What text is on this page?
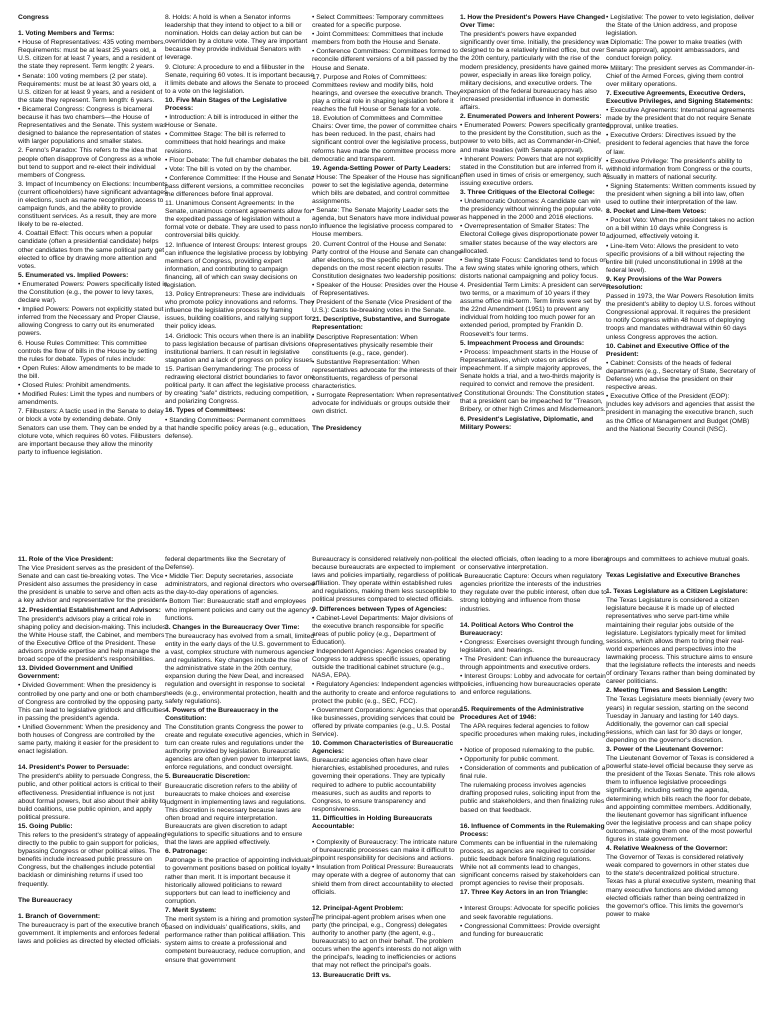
Congress
1. Voting Members and Terms:
• House of Representatives: 435 voting members. Requirements: must be at least 25 years old, a U.S. citizen for at least 7 years, and a resident of the state they represent. Term length: 2 years.
• Senate: 100 voting members (2 per state). Requirements: must be at least 30 years old, a U.S. citizen for at least 9 years, and a resident of the state they represent. Term length: 6 years.
• Bicameral Congress: Congress is bicameral because it has two chambers—the House of Representatives and the Senate. This system was designed to balance the representation of states with larger populations and smaller states.
2. Fenno's Paradox: This refers to the idea that people often disapprove of Congress as a whole but tend to support and re-elect their individual members of Congress.
3. Impact of Incumbency on Elections: Incumbents (current officeholders) have significant advantages in elections, such as name recognition, access to campaign funds, and the ability to provide constituent services. As a result, they are more likely to be re-elected.
4. Coattail Effect: This occurs when a popular candidate (often a presidential candidate) helps other candidates from the same political party get elected to office by drawing more attention and votes.
5. Enumerated vs. Implied Powers:
• Enumerated Powers: Powers specifically listed in the Constitution (e.g., the power to levy taxes, declare war).
• Implied Powers: Powers not explicitly stated but inferred from the Necessary and Proper Clause, allowing Congress to carry out its enumerated powers.
6. House Rules Committee: This committee controls the flow of bills in the House by setting the rules for debate. Types of rules include:
• Open Rules: Allow amendments to be made to the bill.
• Closed Rules: Prohibit amendments.
• Modified Rules: Limit the types and numbers of amendments.
7. Filibusters: A tactic used in the Senate to delay or block a vote by extending debate. Only Senators can use them. They can be ended by a cloture vote, which requires 60 votes. Filibusters are important because they allow the minority party to influence legislation.
8. Holds: A hold is when a Senator informs leadership that they intend to object to a bill or nomination. Holds can delay action but can be overridden by a cloture vote. They are important because they provide individual Senators with leverage.
9. Cloture: A procedure to end a filibuster in the Senate, requiring 60 votes. It is important because it limits debate and allows the Senate to proceed to a vote on the legislation.
10. Five Main Stages of the Legislative Process:
• Introduction: A bill is introduced in either the House or Senate.
• Committee Stage: The bill is referred to committees that hold hearings and make revisions.
• Floor Debate: The full chamber debates the bill.
• Vote: The bill is voted on by the chamber.
• Conference Committee: If the House and Senate pass different versions, a committee reconciles the differences before final approval.
11. Unanimous Consent Agreements: In the Senate, unanimous consent agreements allow for the expedited passage of legislation without a formal vote or debate. They are used to pass non-controversial bills quickly.
12. Influence of Interest Groups: Interest groups can influence the legislative process by lobbying members of Congress, providing expert information, and contributing to campaign financing, all of which can sway decisions on legislation.
13. Policy Entrepreneurs: These are individuals who promote policy innovations and reforms. They influence the legislative process by framing issues, building coalitions, and rallying support for their policy ideas.
14. Gridlock: This occurs when there is an inability to pass legislation because of partisan divisions or institutional barriers. It can result in legislative stagnation and a lack of progress on policy issues.
15. Partisan Gerrymandering: The process of redrawing electoral district boundaries to favor one political party. It can affect the legislative process by creating "safe" districts, reducing competition, and polarizing Congress.
16. Types of Committees:
• Standing Committees: Permanent committees that handle specific policy areas (e.g., education, defense).
• Select Committees: Temporary committees created for a specific purpose.
• Joint Committees: Committees that include members from both the House and Senate.
• Conference Committees: Committees formed to reconcile different versions of a bill passed by the House and Senate.
17. Purpose and Roles of Committees: Committees review and modify bills, hold hearings, and oversee the executive branch. They play a critical role in shaping legislation before it reaches the full House or Senate for a vote.
18. Evolution of Committees and Committee Chairs: Over time, the power of committee chairs has been reduced. In the past, chairs had significant control over the legislative process, but reforms have made the committee process more democratic and transparent.
19. Agenda-Setting Power of Party Leaders:
• House: The Speaker of the House has significant power to set the legislative agenda, determine which bills are debated, and control committee assignments.
• Senate: The Senate Majority Leader sets the agenda, but Senators have more individual power to influence the legislative process compared to House members.
20. Current Control of the House and Senate: Party control of the House and Senate can change after elections, so the specific party in power depends on the most recent election results. The Constitution designates two leadership positions:
• Speaker of the House: Presides over the House of Representatives.
• President of the Senate (Vice President of the U.S.): Casts tie-breaking votes in the Senate.
21. Descriptive, Substantive, and Surrogate Representation:
• Descriptive Representation: When representatives physically resemble their constituents (e.g., race, gender).
• Substantive Representation: When representatives advocate for the interests of their constituents, regardless of personal characteristics.
• Surrogate Representation: When representatives advocate for individuals or groups outside their own district.
The Presidency
1. How the President's Powers Have Changed Over Time:
The president's powers have expanded significantly over time. Initially, the presidency was designed to be a relatively limited office, but over the 20th century, particularly with the rise of the modern presidency, presidents have gained more power, especially in areas like foreign policy, military decisions, and executive orders. The expansion of the federal bureaucracy has also increased presidential influence in domestic affairs.
2. Enumerated Powers and Inherent Powers:
• Enumerated Powers: Powers specifically granted to the president by the Constitution, such as the power to veto bills, act as Commander-in-Chief, and make treaties (with Senate approval).
• Inherent Powers: Powers that are not explicitly stated in the Constitution but are inferred from it, often used in times of crisis or emergency, such as issuing executive orders.
3. Three Critiques of the Electoral College:
• Undemocratic Outcomes: A candidate can win the presidency without winning the popular vote, as happened in the 2000 and 2016 elections.
• Overrepresentation of Smaller States: The Electoral College gives disproportionate power to smaller states because of the way electors are allocated.
• Swing State Focus: Candidates tend to focus on a few swing states while ignoring others, which distorts national campaigning and policy focus.
4. Presidential Term Limits: A president can serve two terms, or a maximum of 10 years if they assume office mid-term. Term limits were set by the 22nd Amendment (1951) to prevent any individual from holding too much power for an extended period, prompted by Franklin D. Roosevelt's four terms.
5. Impeachment Process and Grounds:
• Process: Impeachment starts in the House of Representatives, which votes on articles of impeachment. If a simple majority approves, the Senate holds a trial, and a two-thirds majority is required to convict and remove the president.
• Constitutional Grounds: The Constitution states that a president can be impeached for "Treason, Bribery, or other high Crimes and Misdemeanors."
6. President's Legislative, Diplomatic, and Military Powers:
• Legislative: The power to veto legislation, deliver the State of the Union address, and propose legislation.
• Diplomatic: The power to make treaties (with Senate approval), appoint ambassadors, and conduct foreign policy.
• Military: The president serves as Commander-in-Chief of the Armed Forces, giving them control over military operations.
7. Executive Agreements, Executive Orders, Executive Privileges, and Signing Statements:
• Executive Agreements: International agreements made by the president that do not require Senate approval, unlike treaties.
• Executive Orders: Directives issued by the president to federal agencies that have the force of law.
• Executive Privilege: The president's ability to withhold information from Congress or the courts, usually in matters of national security.
• Signing Statements: Written comments issued by the president when signing a bill into law, often used to outline their interpretation of the law.
8. Pocket and Line-Item Vetoes:
• Pocket Veto: When the president takes no action on a bill within 10 days while Congress is adjourned, effectively vetoing it.
• Line-Item Veto: Allows the president to veto specific provisions of a bill without rejecting the entire bill (ruled unconstitutional in 1998 at the federal level).
9. Key Provisions of the War Powers Resolution:
Passed in 1973, the War Powers Resolution limits the president's ability to deploy U.S. forces without Congressional approval. It requires the president to notify Congress within 48 hours of deploying troops and mandates withdrawal within 60 days unless Congress approves the action.
10. Cabinet and Executive Office of the President:
• Cabinet: Consists of the heads of federal departments (e.g., Secretary of State, Secretary of Defense) who advise the president on their respective areas.
• Executive Office of the President (EOP): Includes key advisors and agencies that assist the president in managing the executive branch, such as the Office of Management and Budget (OMB) and the National Security Council (NSC).
11. Role of the Vice President:
The Vice President serves as the president of the Senate and can cast tie-breaking votes. The Vice President also assumes the presidency in case the president is unable to serve and often acts as a key advisor and representative for the president.
12. Presidential Establishment and Advisors:
The president's advisors play a critical role in shaping policy and decision-making. This includes the White House staff, the Cabinet, and members of the Executive Office of the President. These advisors provide expertise and help manage the broad scope of the president's responsibilities.
13. Divided Government and Unified Government:
• Divided Government: When the presidency is controlled by one party and one or both chambers of Congress are controlled by the opposing party. This can lead to legislative gridlock and difficulties in passing the president's agenda.
• Unified Government: When the presidency and both houses of Congress are controlled by the same party, making it easier for the president to enact legislation.
14. President's Power to Persuade:
The president's ability to persuade Congress, the public, and other political actors is critical to their effectiveness. Presidential influence is not just about formal powers, but also about their ability to build coalitions, use public opinion, and apply political pressure.
15. Going Public:
This refers to the president's strategy of appealing directly to the public to gain support for policies, bypassing Congress or other political elites. The benefits include increased public pressure on Congress, but the challenges include potential backlash or diminishing returns if used too frequently.
The Bureaucracy
1. Branch of Government:
The bureaucracy is part of the executive branch of government. It implements and enforces federal laws and policies as directed by elected officials.
federal departments like the Secretary of Defense).
• Middle Tier: Deputy secretaries, associate administrators, and regional directors who oversee the day-to-day operations of agencies.
• Bottom Tier: Bureaucratic staff and employees who implement policies and carry out the agency's functions.
3. Changes in the Bureaucracy Over Time:
The bureaucracy has evolved from a small, limited entity in the early days of the U.S. government to a vast, complex structure with numerous agencies and regulations. Key changes include the rise of the administrative state in the 20th century, expansion during the New Deal, and increased regulation and oversight in response to societal needs (e.g., environmental protection, health and safety regulations).
4. Powers of the Bureaucracy in the Constitution:
The Constitution grants Congress the power to create and regulate executive agencies, which in turn can create rules and regulations under the authority provided by legislation. Bureaucratic agencies are often given power to interpret laws, enforce regulations, and conduct oversight.
5. Bureaucratic Discretion:
Bureaucratic discretion refers to the ability of bureaucrats to make choices and exercise judgment in implementing laws and regulations. This discretion is necessary because laws are often broad and require interpretation. Bureaucrats are given discretion to adapt regulations to specific situations and to ensure that the laws are applied effectively.
6. Patronage:
Patronage is the practice of appointing individuals to government positions based on political loyalty rather than merit. It is important because it historically allowed politicians to reward supporters but can lead to inefficiency and corruption.
7. Merit System:
The merit system is a hiring and promotion system based on individuals' qualifications, skills, and performance rather than political affiliation. This system aims to create a professional and competent bureaucracy, reduce corruption, and ensure that government
Bureaucracy is considered relatively non-political because bureaucrats are expected to implement laws and policies impartially, regardless of political affiliation. They operate within established rules and regulations, making them less susceptible to political pressures compared to elected officials.
9. Differences between Types of Agencies:
• Cabinet-Level Departments: Major divisions of the executive branch responsible for specific areas of public policy (e.g., Department of Education).
• Independent Agencies: Agencies created by Congress to address specific issues, operating outside the traditional cabinet structure (e.g., NASA, EPA).
• Regulatory Agencies: Independent agencies with the authority to create and enforce regulations to protect the public (e.g., SEC, FCC).
• Government Corporations: Agencies that operate like businesses, providing services that could be offered by private companies (e.g., U.S. Postal Service).
10. Common Characteristics of Bureaucratic Agencies:
Bureaucratic agencies often have clear hierarchies, established procedures, and rules governing their operations. They are typically required to adhere to public accountability measures, such as audits and reports to Congress, to ensure transparency and responsiveness.
11. Difficulties in Holding Bureaucrats Accountable:
• Complexity of Bureaucracy: The intricate nature of bureaucratic processes can make it difficult to pinpoint responsibility for decisions and actions.
• Insulation from Political Pressure: Bureaucrats may operate with a degree of autonomy that can shield them from direct accountability to elected officials.
12. Principal-Agent Problem:
The principal-agent problem arises when one party (the principal, e.g., Congress) delegates authority to another party (the agent, e.g., bureaucrats) to act on their behalf. The problem occurs when the agent's interests do not align with the principal's, leading to inefficiencies or actions that may not reflect the principal's goals.
13. Bureaucratic Drift vs.
the elected officials, often leading to a more liberal or conservative interpretation.
• Bureaucratic Capture: Occurs when regulatory agencies prioritize the interests of the industries they regulate over the public interest, often due to strong lobbying and influence from those industries.
14. Political Actors Who Control the Bureaucracy:
• Congress: Exercises oversight through funding, legislation, and hearings.
• The President: Can influence the bureaucracy through appointments and executive orders.
• Interest Groups: Lobby and advocate for certain policies, influencing how bureaucracies operate and enforce regulations.
15. Requirements of the Administrative Procedures Act of 1946:
The APA requires federal agencies to follow specific procedures when making rules, including:
• Notice of proposed rulemaking to the public.
• Opportunity for public comment.
• Consideration of comments and publication of a final rule.
The rulemaking process involves agencies drafting proposed rules, soliciting input from the public and stakeholders, and then finalizing rules based on that feedback.
16. Influence of Comments in the Rulemaking Process:
Comments can be influential in the rulemaking process, as agencies are required to consider public feedback before finalizing regulations. While not all comments lead to changes, significant concerns raised by stakeholders can prompt agencies to revise their proposals.
17. Three Key Actors in an Iron Triangle:
• Interest Groups: Advocate for specific policies and seek favorable regulations.
• Congressional Committees: Provide oversight and funding for bureaucratic
groups and committees to achieve mutual goals.
Texas Legislative and Executive Branches
1. Texas Legislature as a Citizen Legislature:
The Texas Legislature is considered a citizen legislature because it is made up of elected representatives who serve part-time while maintaining their regular jobs outside of the legislature. Legislators typically meet for limited sessions, which allows them to bring their real-world experiences and perspectives into the lawmaking process. This structure aims to ensure that the legislature reflects the interests and needs of ordinary Texans rather than being dominated by career politicians.
2. Meeting Times and Session Length:
The Texas Legislature meets biennially (every two years) in regular session, starting on the second Tuesday in January and lasting for 140 days. Additionally, the governor can call special sessions, which can last for 30 days or longer, depending on the governor's discretion.
3. Power of the Lieutenant Governor:
The Lieutenant Governor of Texas is considered a powerful state-level official because they serve as the president of the Texas Senate. This role allows them to influence legislative proceedings significantly, including setting the agenda, determining which bills reach the floor for debate, and appointing committee members. Additionally, the lieutenant governor has significant influence over the legislative process and can shape policy outcomes, making them one of the most powerful figures in state government.
4. Relative Weakness of the Governor:
The Governor of Texas is considered relatively weak compared to governors in other states due to the state's decentralized political structure. Texas has a plural executive system, meaning that many executive functions are divided among elected officials rather than being centralized in the governor's office. This limits the governor's power to make
